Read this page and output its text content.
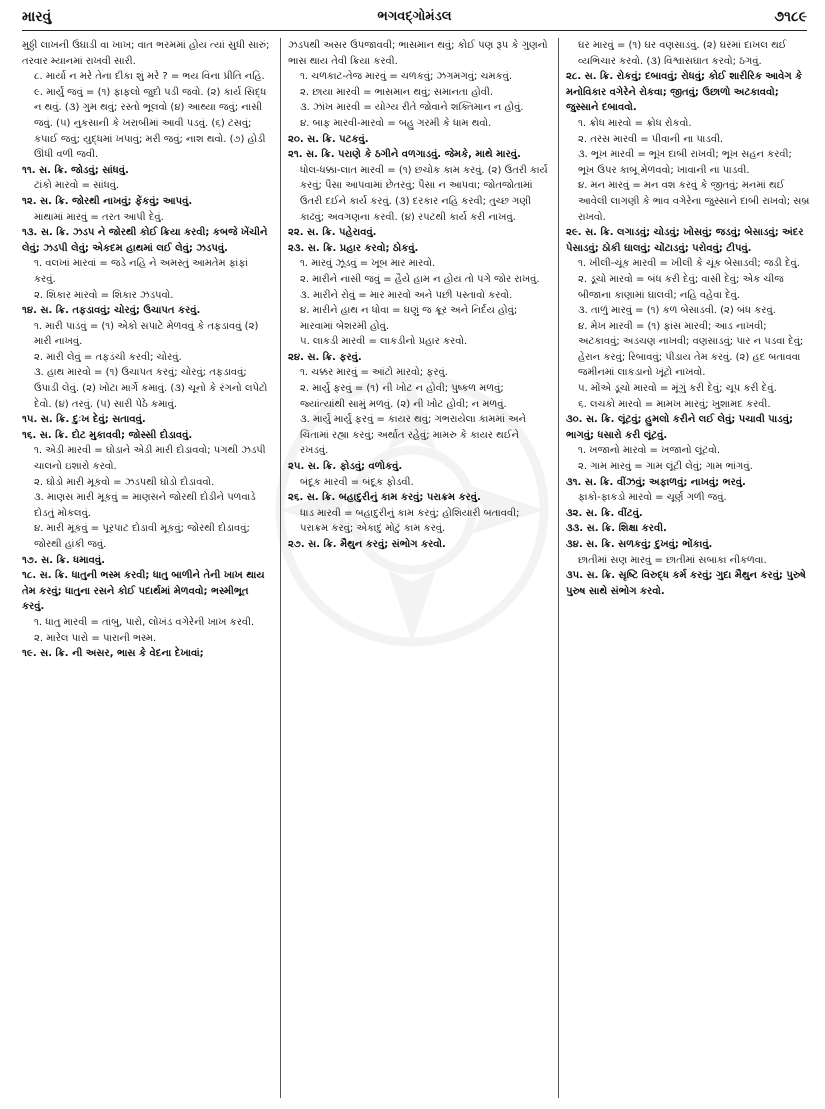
મારવું	ભગવદ્ગોમંડલ	૭૧૮૯

મુઠ્ઠી લાખની ઉઘાડી વા ખાખ; વાત ભરમમાં હોય ત્યાં સુધી સારું; તરવાર મ્યાનમાં રાખવી સારી.

૮. માર્યા ન મરે તેના દીકા શું મરે ? = ભય વિના પ્રીતિ નહિ.

૯. માર્યું જવું = (૧) ફાફલો જુદો પડી જવો. (૨) કાર્ય સિદ્ધ ન થવું. (૩) ગુમ થવું; રસ્તો ભૂલવો (૪) આથ્યા જવું; નાસી જવું. (૫) નુકસાની કે ખરાબીમાં આવી પડવું. (૬) ટસવું; કપાઈ જવું; યુદ્ધમાં ખપાવું; મરી જવું; નાશ થવો. (૭) હોડી ઊંધી વળી જવી.

૧૧. સ. ક્રિ. જોડવું; સાંધવું.

ટાંકો મારવો = સાંધવું.

૧૨. સ. ક્રિ. જોરથી નાખવું; ફેંકવું; આપવું.

માથામાં મારવું = તરત આપી દેવું.

૧૩. સ. ક્રિ. ઝડપ ને જોરથી કોઈ ક્રિયા કરવી; કબજે ખેંચીને લેવું; ઝડપી લેવું; એકદમ હાથમાં લઈ લેવું; ઝડપવું.

૧. વલખાં મારવાં = જડે નહિ ને અમસ્તું આમતેમ ફાંફાં કરવું.

૨. શિકાર મારવો = શિકાર ઝડપવો.

૧૪. સ. ક્રિ. તફડાવવું; ચોરવું; ઉચાપત કરવું.

૧. મારી પાડવું = (૧) એકો સપાટે મેળવવું કે તફડાવવું (૨) મારી નાખવું.

૨. મારી લેવું = તફડંચી કરવી; ચોરવું.

૩. હાથ મારવો = (૧) ઉચાપત કરવું; ચોરવું; તફડાવવું; ઉપાડી લેવું. (૨) ખોટા માર્ગે કમાવું. (૩) ચૂનો કે રંગનો લપેટો દેવો. (૪) તરવું. (૫) સારી પેઠે કમાવું.

૧૫. સ. ક્રિ. દુઃખ દેવું; સતાવવું.

૧૬. સ. ક્રિ. દોટ મુકાવવી; જોસ્સી દોડાવવું.

૧. એડી મારવી = ઘોડાને એડી મારી દોડાવવો; પગથી ઝડપી ચાલનો ઇશારો કરવો.

૨. ઘોડો મારી મૂકવો = ઝડપથી ઘોડો દોડાવવો.

૩. માણસ મારી મૂકવું = માણસને જોરથી દોડીને પળવાડે દોડતું મોકલવું.

૪. મારી મૂકવું = પૂરપાટ દોડાવી મૂકવું; જોરથી દોડાવવું; જોરથી હાંકી જવું.

૧૭. સ. ક્રિ. ધમાવવું.

૧૮. સ. ક્રિ. ધાતુની ભસ્મ કરવી; ધાતુ બાળીને તેની ખાખ થાય તેમ કરવું; ધાતુના રસને કોઈ પદાર્થમાં મેળવવો; ભસ્મીભૂત કરવું.

૧. ધાતુ મારવી = તાંબુ, પારો, લોખંડ વગેરેની ખાખ કરવી.

૨. મારેલ પારો = પારાની ભસ્મ.

૧૯. સ. ક્રિ. ની અસર, ભાસ કે વેદના દેખાવાં;

ઝડપથી અસર ઉપજાવવી; ભાસમાન થવું; કોઈ પણ રૂપ કે ગુણનો ભાસ થાય તેવી ક્રિયા કરવી.

૧. ચળકાટ-તેજ મારવું = ચળકવું; ઝગમગવું; ચમકવું.

૨. છાયા મારવી = ભાસમાન થવું; સમાનતા હોવી.

૩. ઝાંખ મારવી = યોગ્ય રીતે જોવાને શક્તિમાન ન હોવું.

૪. બાફ મારવી-મારવો = બહુ ગરમી કે ધામ થવો.

૨૦. સ. ક્રિ. પટકવું.

૨૧. સ. ક્રિ. પરાણે કે ઠગીને વળગાડવું. જેમકે, માથે મારવું.

ધોલ-ધક્કા-લાત મારવી = (૧) છચોક કામ કરવું. (૨) ઉતરી કાર્ય કરવું; પૈસા આપવામાં છેતરવું; પૈસા ન આપવા; જોતજોતામાં ઉતરી દઈને કાર્ય કરવું. (૩) દરકાર નહિ કરવી; તુચ્છ ગણી કાઢવું; અવગણના કરવી. (૪) રપટથી કાર્ય કરી નાખવું.

૨૨. સ. ક્રિ. પહેરાવવું.

૨૩. સ. ક્રિ. પ્રહાર કરવો; ઠોકવું.

૧. મારવું ઝૂડવું = ખૂબ માર મારવો.

૨. મારીને નાસી જવું = હૈયે હામ ન હોય તો પગે જોર રાખવું.

૩. મારીને રોવું = માર મારવો અને પછી પસ્તાવો કરવો.

૪. મારીને હાથ ન ધોવા = ઘણું જ ક્રૂર અને નિર્દય હોવું; મારવામાં બેશરમી હોવું.

૫. લાકડી મારવી = લાકડીનો પ્રહાર કરવો.

૨૪. સ. ક્રિ. ફરવું.

૧. ચક્કર મારવું = આંટો મારવો; ફરવું.

૨. માર્યું ફરવું = (૧) ની ખોટ ન હોવી; પુષ્કળ મળવું; જ્યાંત્યાંથી સામું મળવું. (૨) ની ખોટ હોવી; ન મળવું.

૩. માર્યું માર્યું ફરવું = કાયર થવું; ગભરાયેલા કામમાં અને ચિંતામાં રહ્યા કરવું; અર્થાત રહેવું; મામરુ કે કાયર થઈને રખડવું.

૨૫. સ. ક્રિ. ફોડવું; વળોકવું.

બંદૂક મારવી = બંદૂક ફોડવી.

૨૬. સ. ક્રિ. બહાદુરીનું કામ કરવું; પરાક્રમ કરવું.

ધાડ મારવી = બહાદુરીનું કામ કરવું; હોશિયારી બતાવવી; પરાક્રમ કરવું; એકાદું મોટું કામ કરવું.

૨૭. સ. ક્રિ. મૈથુન કરવું; સંભોગ કરવો.

ઘર મારવું = (૧) ઘર વણસાડવું. (૨) ઘરમાં દાખલ થઈ વ્યભિચાર કરવો. (૩) વિશ્વાસઘાત કરવો; ઠગવું.

૨૮. સ. ક્રિ. રોકવું; દબાવવું; રોધવું; કોઈ શારીરિક આવેગ કે મનોવિકાર વગેરેને રોકવા; જીતવું; ઉછાળો અટકાવવો; જુસ્સાને દબાવવો.

૧. ક્રોધ મારવો = ક્રોધ રોકવો.

૨. તરસ મારવી = પીવાની ના પાડવી.

૩. ભૂખ મારવી = ભૂખ દાબી રાખવી; ભૂખ સહન કરવી; ભૂખ ઉપર કાબૂ મેળવવો; ખાવાની ના પાડવી.

૪. મન મારવું = મન વશ કરવું કે જીતવું; મનમાં થઈ આવેલી લાગણી કે ભાવ વગેરેના જુસ્સાને દાબી રાખવો; સબ્ર રાખવો.

૨૯. સ. ક્રિ. લગાડવું; ચોડવું; ખોસવું; જડવું; બેસાડવું; અંદર પેસાડવું; ઠોકી ઘાલવું; ચોંટાડવું; પરોવવું; ટીપવું.

૧. ખીલી-ચૂંક મારવી = ખીલી કે ચૂંક બેસાડવી; જડી દેવું.

૨. ડૂચો મારવો = બંધ કરી દેવું; વાસી દેવું; એક ચીજ બીજાના કાણામાં ઘાલવી; નહિ વહેવા દેવું.

૩. તાળું મારવું = (૧) કળ બેસાડવી. (૨) બંધ કરવું.

૪. મેખ મારવી = (૧) ફાંસ મારવી; આડ નાખવી; અટકાવવું; અડચણ નાખવી; વણસાડવું; પાર ન પડવા દેવું; હેરાન કરવું; રિબાવવું; પીડાય તેમ કરવું. (૨) હદ બતાવવા જમીનમાં લાકડાનો ખૂંટો નાખવો.

૫. મોંએ ડૂચો મારવો = મૂંગું કરી દેવું; ચૂપ કરી દેવું.

૬. લચકો મારવો = મામખ મારવું; ખુશામદ કરવી.

૩૦. સ. ક્રિ. લૂંટવું; હુમલો કરીને લઈ લેવું; પચાવી પાડવું; ભાગવું; ધસારો કરી લૂંટવું.

૧. ખજાનો મારવો = ખજાનો લૂંટવો.

૨. ગામ મારવું = ગામ લૂંટી લેવું; ગામ ભાંગવું.

૩૧. સ. ક્રિ. વીંઝવું; અફાળવું; નાખવું; ભરવું.

ફાકો-ફાકડો મારવો = ચૂર્ણ ગળી જવું.

૩૨. સ. ક્રિ. વીંટવું.

૩૩. સ. ક્રિ. શિક્ષા કરવી.

૩૪. સ. ક્રિ. સળકવું; દુખવું; ભોંકાવું.

છાતીમાં સણ મારવું = છાતીમાં સબાકા નીકળવા.

૩૫. સ. ક્રિ. સૃષ્ટિ વિરુદ્ધ કર્મ કરવું; ગુદા મૈથુન કરવું; પુરુષે પુરુષ સાથે સંભોગ કરવો.
